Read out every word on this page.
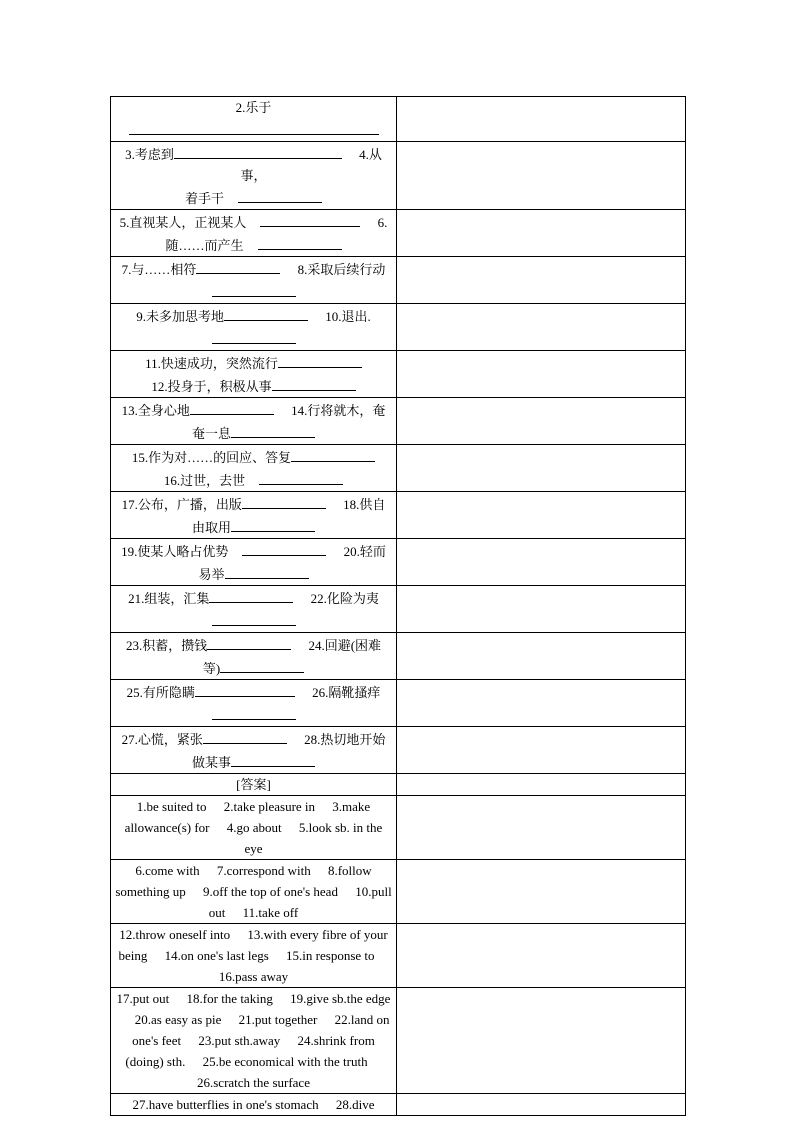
2.乐于

3.考虑到 4.从事，
着手干	
5.直视某人，正视某人 6.
随……而产生	
7.与……相符 8.采取后续行动

9.未多加思考地 10.退出.

11.快速成功，突然流行
12.投身于，积极从事	
13.全身心地 14.行将就木，奄
奄一息	
15.作为对……的回应、答复
16.过世，去世	
17.公布，广播，出版 18.供自
由取用	
19.使某人略占优势 20.轻而
易举	
21.组装，汇集 22.化险为夷

23.积蓄，攒钱 24.回避(困难
等)	
25.有所隐瞒 26.隔靴搔痒

27.心慌，紧张 28.热切地开始
做某事	
[答案]	
1.be suited to 2.take pleasure in 3.make allowance(s) for 4.go about 5.look sb. in the eye	
6.come with 7.correspond with 8.follow something up 9.off the top of one's head 10.pull out 11.take off	
12.throw oneself into 13.with every fibre of your being 14.on one's last legs 15.in response to 16.pass away	
17.put out 18.for the taking 19.give sb.the edge 20.as easy as pie 21.put together 22.land on one's feet 23.put sth.away 24.shrink from (doing) sth. 25.be economical with the truth 26.scratch the surface	
27.have butterflies in one's stomach 28.dive	
